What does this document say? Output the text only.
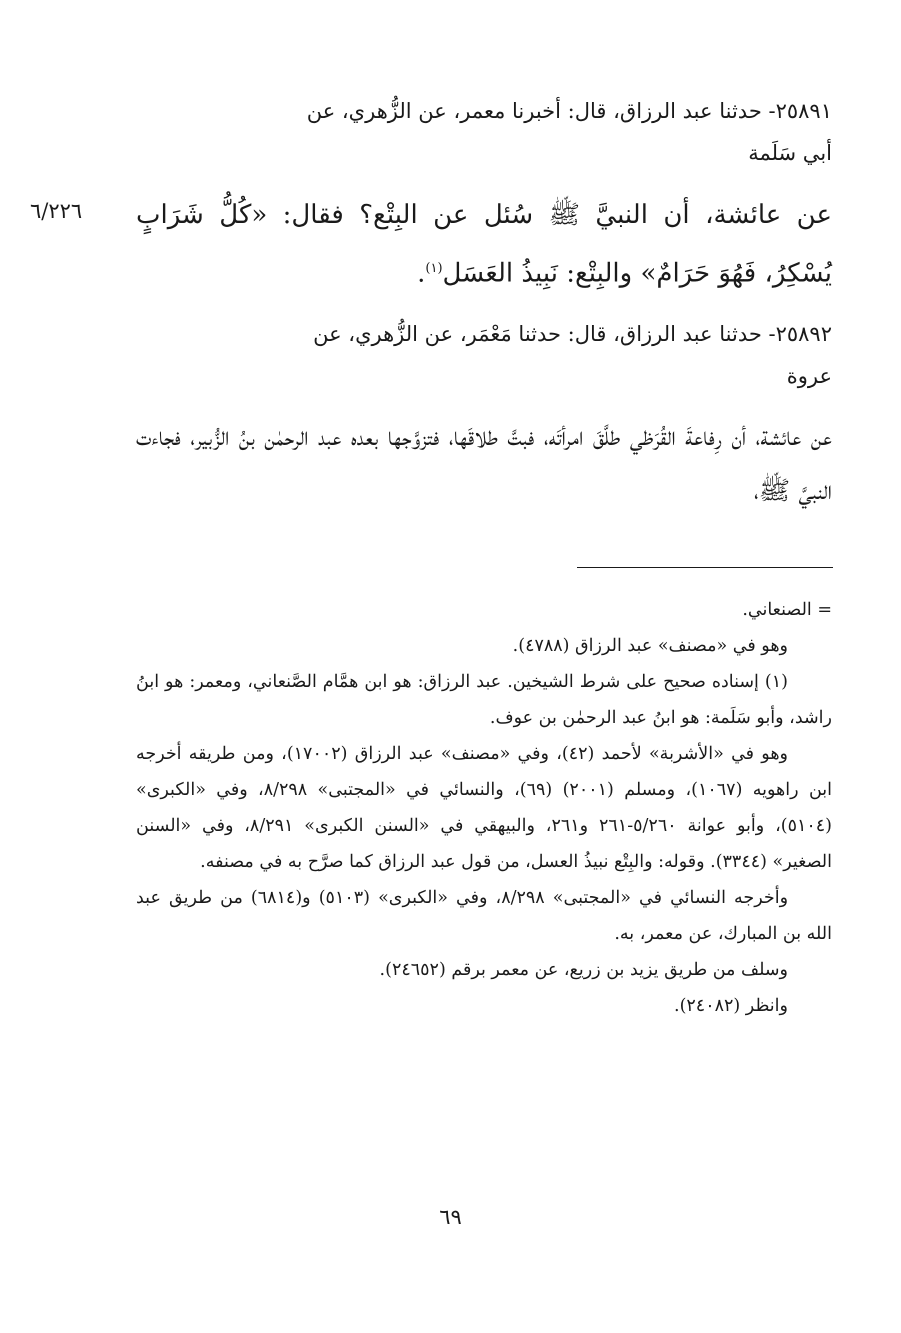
٢٥٨٩١- حدثنا عبد الرزاق، قال: أخبرنا معمر، عن الزُّهري، عن
أبي سَلَمة
عن عائشة، أن النبيَّ ﷺ سُئل عن البِتْع؟ فقال: «كُلُّ شَرَابٍ يُسْكِرُ، فَهُوَ حَرَامٌ» والبِتْع: نَبِيذُ العَسَل$^{(١)}$.
٦/٢٢٦
٢٥٨٩٢- حدثنا عبد الرزاق، قال: حدثنا مَعْمَر، عن الزُّهري، عن
عروة
عن عائشة، أن رِفاعةَ القُرَظي طلَّقَ امرأتَه، فبتَّ طلاقَها، فتزوَّجها بعده عبد الرحمٰن بنُ الزُّبير، فجاءت النبيَّ ﷺ،
= الصنعاني.
وهو في «مصنف» عبد الرزاق (٤٧٨٨).
(١) إسناده صحيح على شرط الشيخين. عبد الرزاق: هو ابن همَّام الصَّنعاني، ومعمر: هو ابنُ راشد، وأبو سَلَمة: هو ابنُ عبد الرحمٰن بن عوف.
وهو في «الأشربة» لأحمد (٤٢)، وفي «مصنف» عبد الرزاق (١٧٠٠٢)، ومن طريقه أخرجه ابن راهويه (١٠٦٧)، ومسلم (٢٠٠١) (٦٩)، والنسائي في «المجتبى» ٨/٢٩٨، وفي «الكبرى» (٥١٠٤)، وأبو عوانة ٥/٢٦٠-٢٦١ و٢٦١، والبيهقي في «السنن الكبرى» ٨/٢٩١، وفي «السنن الصغير» (٣٣٤٤). وقوله: والبِتْع نبيذُ العسل، من قول عبد الرزاق كما صرَّح به في مصنفه.
وأخرجه النسائي في «المجتبى» ٨/٢٩٨، وفي «الكبرى» (٥١٠٣) و(٦٨١٤) من طريق عبد الله بن المبارك، عن معمر، به.
وسلف من طريق يزيد بن زريع، عن معمر برقم (٢٤٦٥٢).
وانظر (٢٤٠٨٢).
٦٩
